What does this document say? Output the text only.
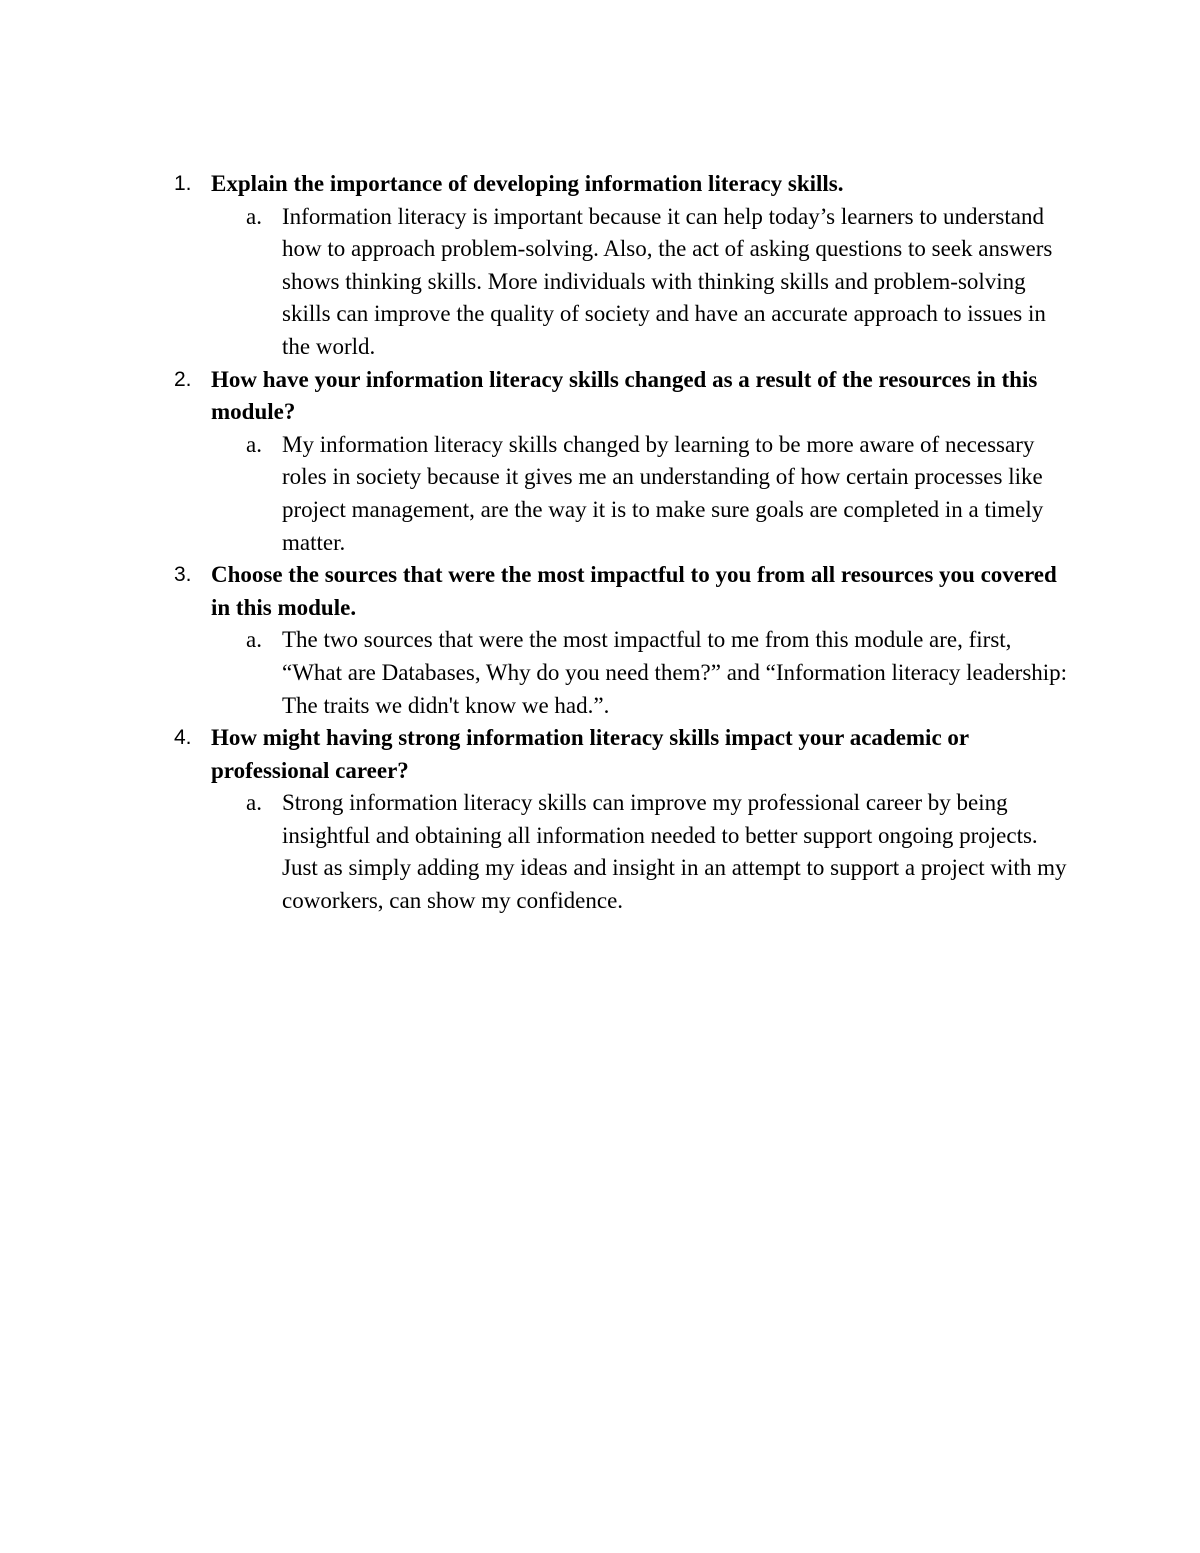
1. Explain the importance of developing information literacy skills.
a. Information literacy is important because it can help today’s learners to understand how to approach problem-solving. Also, the act of asking questions to seek answers shows thinking skills. More individuals with thinking skills and problem-solving skills can improve the quality of society and have an accurate approach to issues in the world.
2. How have your information literacy skills changed as a result of the resources in this module?
a. My information literacy skills changed by learning to be more aware of necessary roles in society because it gives me an understanding of how certain processes like project management, are the way it is to make sure goals are completed in a timely matter.
3. Choose the sources that were the most impactful to you from all resources you covered in this module.
a. The two sources that were the most impactful to me from this module are, first, “What are Databases, Why do you need them?” and “Information literacy leadership: The traits we didn't know we had.”.
4. How might having strong information literacy skills impact your academic or professional career?
a. Strong information literacy skills can improve my professional career by being insightful and obtaining all information needed to better support ongoing projects. Just as simply adding my ideas and insight in an attempt to support a project with my coworkers, can show my confidence.
